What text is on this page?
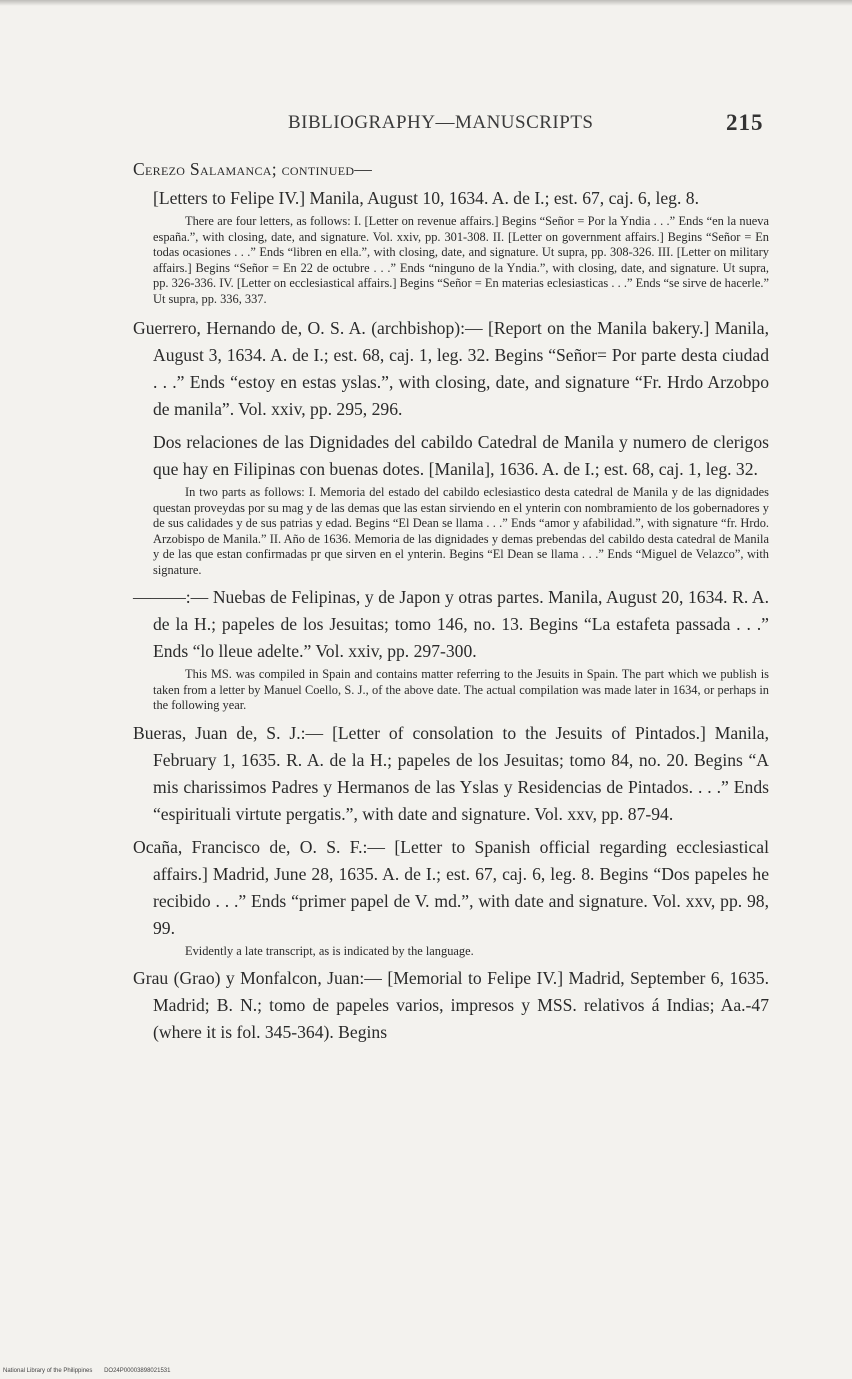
BIBLIOGRAPHY—MANUSCRIPTS	215

Cerezo Salamanca; continued—

[Letters to Felipe IV.] Manila, August 10, 1634. A. de I.; est. 67, caj. 6, leg. 8.

There are four letters, as follows: I. [Letter on revenue affairs.] Begins “Señor = Por la Yndia . . .” Ends “en la nueva españa.”, with closing, date, and signature. Vol. xxiv, pp. 301-308. II. [Letter on government affairs.] Begins “Señor = En todas ocasiones . . .” Ends “libren en ella.”, with closing, date, and signature. Ut supra, pp. 308-326. III. [Letter on military affairs.] Begins “Señor = En 22 de octubre . . .” Ends “ninguno de la Yndia.”, with closing, date, and signature. Ut supra, pp. 326-336. IV. [Letter on ecclesiastical affairs.] Begins “Señor = En materias eclesiasticas . . .” Ends “se sirve de hacerle.” Ut supra, pp. 336, 337.

Guerrero, Hernando de, O. S. A. (archbishop):— [Report on the Manila bakery.] Manila, August 3, 1634. A. de I.; est. 68, caj. 1, leg. 32. Begins “Señor= Por parte desta ciudad . . .” Ends “estoy en estas yslas.”, with closing, date, and signature “Fr. Hrdo Arzobpo de manila”. Vol. xxiv, pp. 295, 296.

Dos relaciones de las Dignidades del cabildo Catedral de Manila y numero de clerigos que hay en Filipinas con buenas dotes. [Manila], 1636. A. de I.; est. 68, caj. 1, leg. 32.

In two parts as follows: I. Memoria del estado del cabildo eclesiastico desta catedral de Manila y de las dignidades questan proveydas por su mag y de las demas que las estan sirviendo en el ynterin con nombramiento de los gobernadores y de sus calidades y de sus patrias y edad. Begins “El Dean se llama . . .” Ends “amor y afabilidad.”, with signature “fr. Hrdo. Arzobispo de Manila.” II. Año de 1636. Memoria de las dignidades y demas prebendas del cabildo desta catedral de Manila y de las que estan confirmadas pr que sirven en el ynterin. Begins “El Dean se llama . . .” Ends “Miguel de Velazco”, with signature.

———:— Nuebas de Felipinas, y de Japon y otras partes. Manila, August 20, 1634. R. A. de la H.; papeles de los Jesuitas; tomo 146, no. 13. Begins “La estafeta passada . . .” Ends “lo lleue adelte.” Vol. xxiv, pp. 297-300.

This MS. was compiled in Spain and contains matter referring to the Jesuits in Spain. The part which we publish is taken from a letter by Manuel Coello, S. J., of the above date. The actual compilation was made later in 1634, or perhaps in the following year.

Bueras, Juan de, S. J.:— [Letter of consolation to the Jesuits of Pintados.] Manila, February 1, 1635. R. A. de la H.; papeles de los Jesuitas; tomo 84, no. 20. Begins “A mis charissimos Padres y Hermanos de las Yslas y Residencias de Pintados. . . .” Ends “espirituali virtute pergatis.”, with date and signature. Vol. xxv, pp. 87-94.

Ocaña, Francisco de, O. S. F.:— [Letter to Spanish official regarding ecclesiastical affairs.] Madrid, June 28, 1635. A. de I.; est. 67, caj. 6, leg. 8. Begins “Dos papeles he recibido . . .” Ends “primer papel de V. md.”, with date and signature. Vol. xxv, pp. 98, 99.

Evidently a late transcript, as is indicated by the language.

Grau (Grao) y Monfalcon, Juan:— [Memorial to Felipe IV.] Madrid, September 6, 1635. Madrid; B. N.; tomo de papeles varios, impresos y MSS. relativos á Indias; Aa.-47 (where it is fol. 345-364). Begins

National Library of the Philippines DO24P00003898021531
